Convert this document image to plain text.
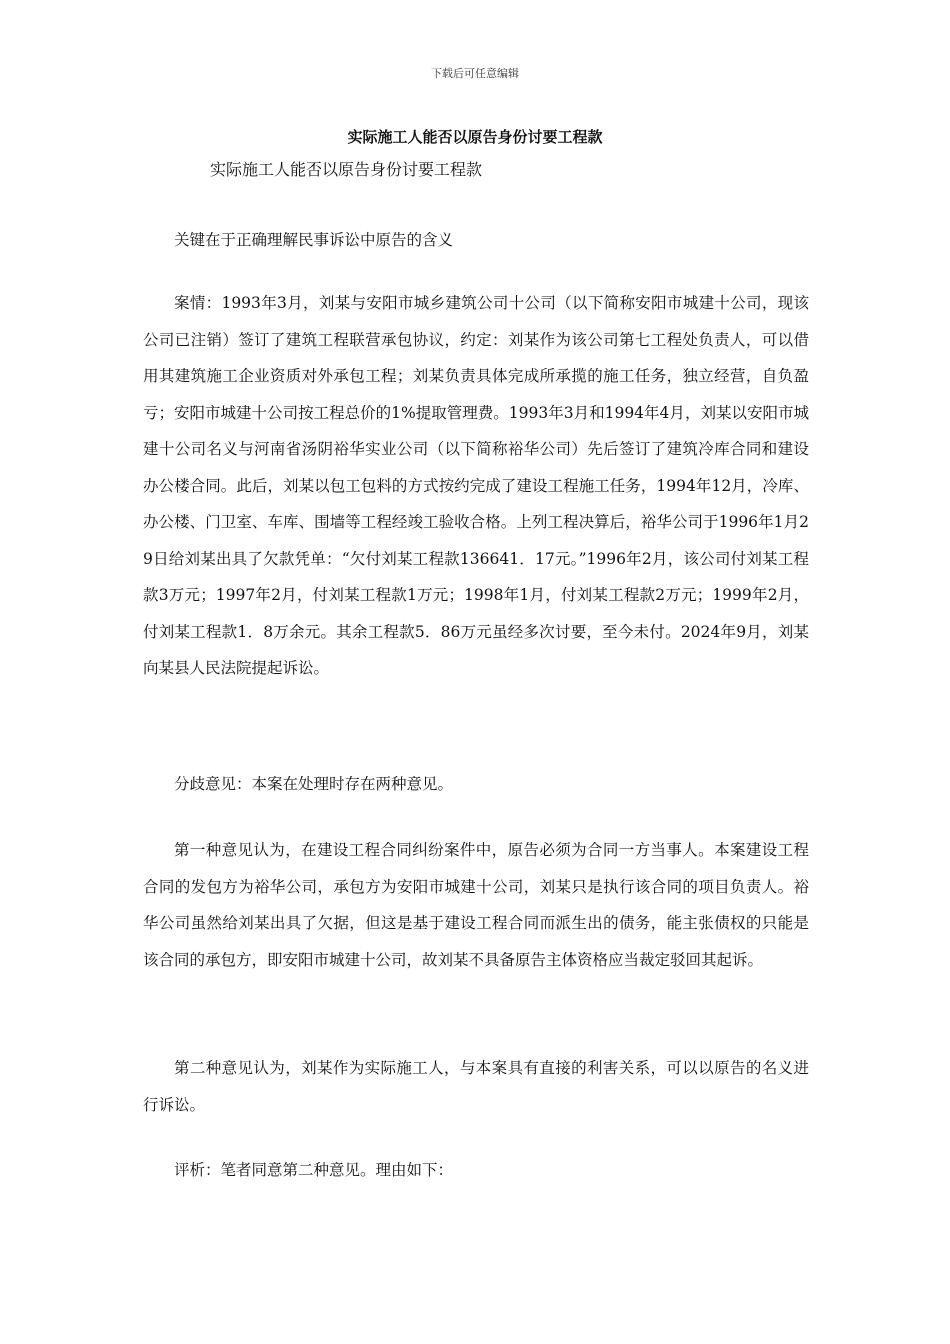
下载后可任意编辑
实际施工人能否以原告身份讨要工程款
实际施工人能否以原告身份讨要工程款

关键在于正确理解民事诉讼中原告的含义

案情：1993年3月，刘某与安阳市城乡建筑公司十公司（以下简称安阳市城建十公司，现该公司已注销）签订了建筑工程联营承包协议，约定：刘某作为该公司第七工程处负责人，可以借用其建筑施工企业资质对外承包工程；刘某负责具体完成所承揽的施工任务，独立经营，自负盈亏；安阳市城建十公司按工程总价的1%提取管理费。1993年3月和1994年4月，刘某以安阳市城建十公司名义与河南省汤阴裕华实业公司（以下简称裕华公司）先后签订了建筑冷库合同和建设办公楼合同。此后，刘某以包工包料的方式按约完成了建设工程施工任务，1994年12月，冷库、办公楼、门卫室、车库、围墙等工程经竣工验收合格。上列工程决算后，裕华公司于1996年1月29日给刘某出具了欠款凭单：“欠付刘某工程款136641．17元。”1996年2月，该公司付刘某工程款3万元；1997年2月，付刘某工程款1万元；1998年1月，付刘某工程款2万元；1999年2月，付刘某工程款1．8万余元。其余工程款5．86万元虽经多次讨要，至今未付。2024年9月，刘某向某县人民法院提起诉讼。

分歧意见：本案在处理时存在两种意见。

第一种意见认为，在建设工程合同纠纷案件中，原告必须为合同一方当事人。本案建设工程合同的发包方为裕华公司，承包方为安阳市城建十公司，刘某只是执行该合同的项目负责人。裕华公司虽然给刘某出具了欠据，但这是基于建设工程合同而派生出的债务，能主张债权的只能是该合同的承包方，即安阳市城建十公司，故刘某不具备原告主体资格应当裁定驳回其起诉。

第二种意见认为，刘某作为实际施工人，与本案具有直接的利害关系，可以以原告的名义进行诉讼。

评析：笔者同意第二种意见。理由如下：
